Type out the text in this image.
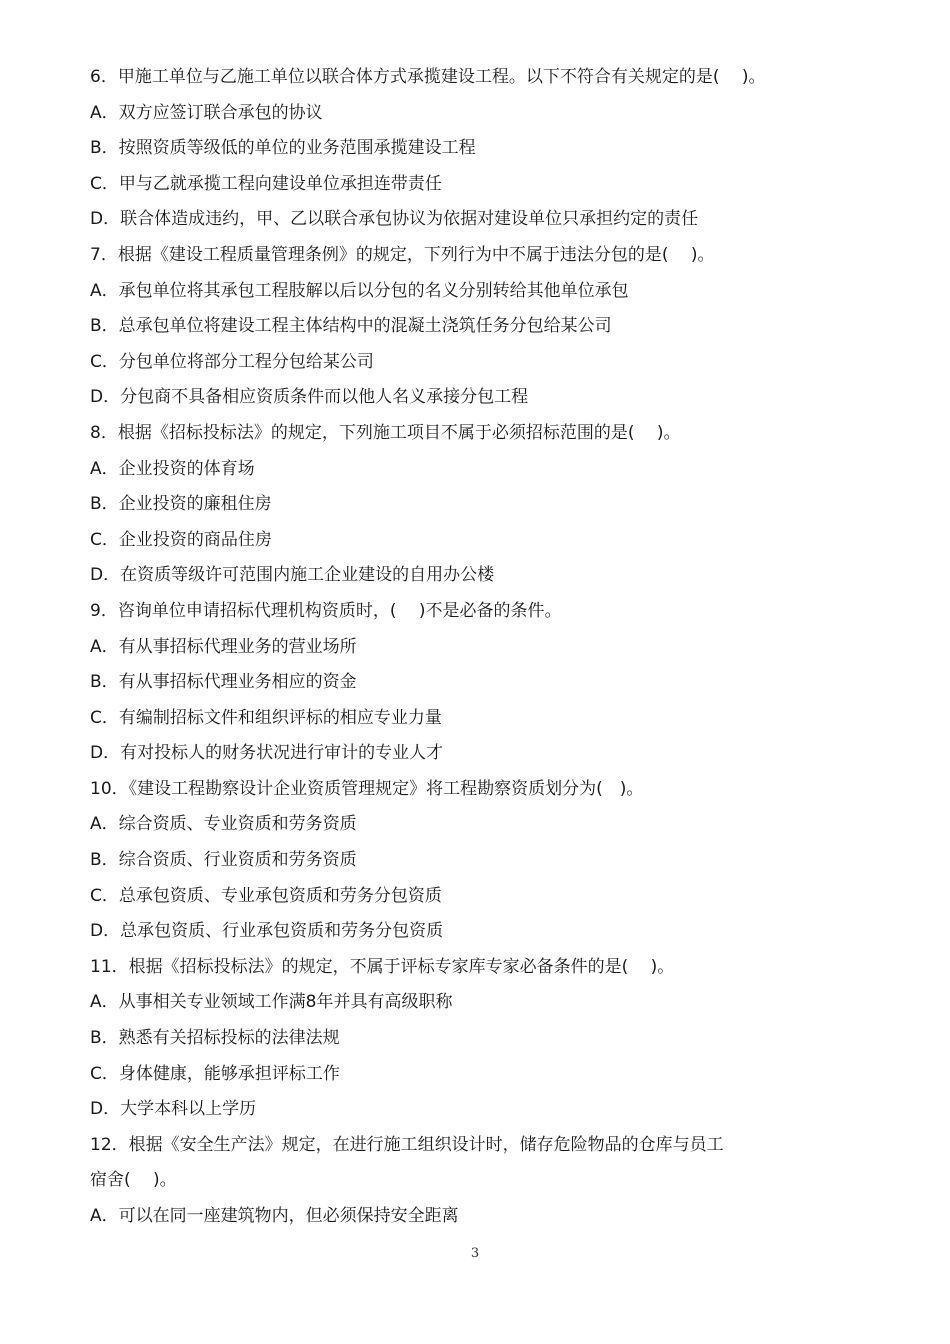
6．甲施工单位与乙施工单位以联合体方式承揽建设工程。以下不符合有关规定的是(　 )。
A．双方应签订联合承包的协议
B．按照资质等级低的单位的业务范围承揽建设工程
C．甲与乙就承揽工程向建设单位承担连带责任
D．联合体造成违约，甲、乙以联合承包协议为依据对建设单位只承担约定的责任
7．根据《建设工程质量管理条例》的规定，下列行为中不属于违法分包的是(　 )。
A．承包单位将其承包工程肢解以后以分包的名义分别转给其他单位承包
B．总承包单位将建设工程主体结构中的混凝土浇筑任务分包给某公司
C．分包单位将部分工程分包给某公司
D．分包商不具备相应资质条件而以他人名义承接分包工程
8．根据《招标投标法》的规定，下列施工项目不属于必须招标范围的是(　 )。
A．企业投资的体育场
B．企业投资的廉租住房
C．企业投资的商品住房
D．在资质等级许可范围内施工企业建设的自用办公楼
9．咨询单位申请招标代理机构资质时，(　 )不是必备的条件。
A．有从事招标代理业务的营业场所
B．有从事招标代理业务相应的资金
C．有编制招标文件和组织评标的相应专业力量
D．有对投标人的财务状况进行审计的专业人才
10．《建设工程勘察设计企业资质管理规定》将工程勘察资质划分为(　)。
A．综合资质、专业资质和劳务资质
B．综合资质、行业资质和劳务资质
C．总承包资质、专业承包资质和劳务分包资质
D．总承包资质、行业承包资质和劳务分包资质
11．根据《招标投标法》的规定，不属于评标专家库专家必备条件的是(　 )。
A．从事相关专业领域工作满8年并具有高级职称
B．熟悉有关招标投标的法律法规
C．身体健康，能够承担评标工作
D．大学本科以上学历
12．根据《安全生产法》规定，在进行施工组织设计时，储存危险物品的仓库与员工
宿舍(　 )。
A．可以在同一座建筑物内，但必须保持安全距离
3
